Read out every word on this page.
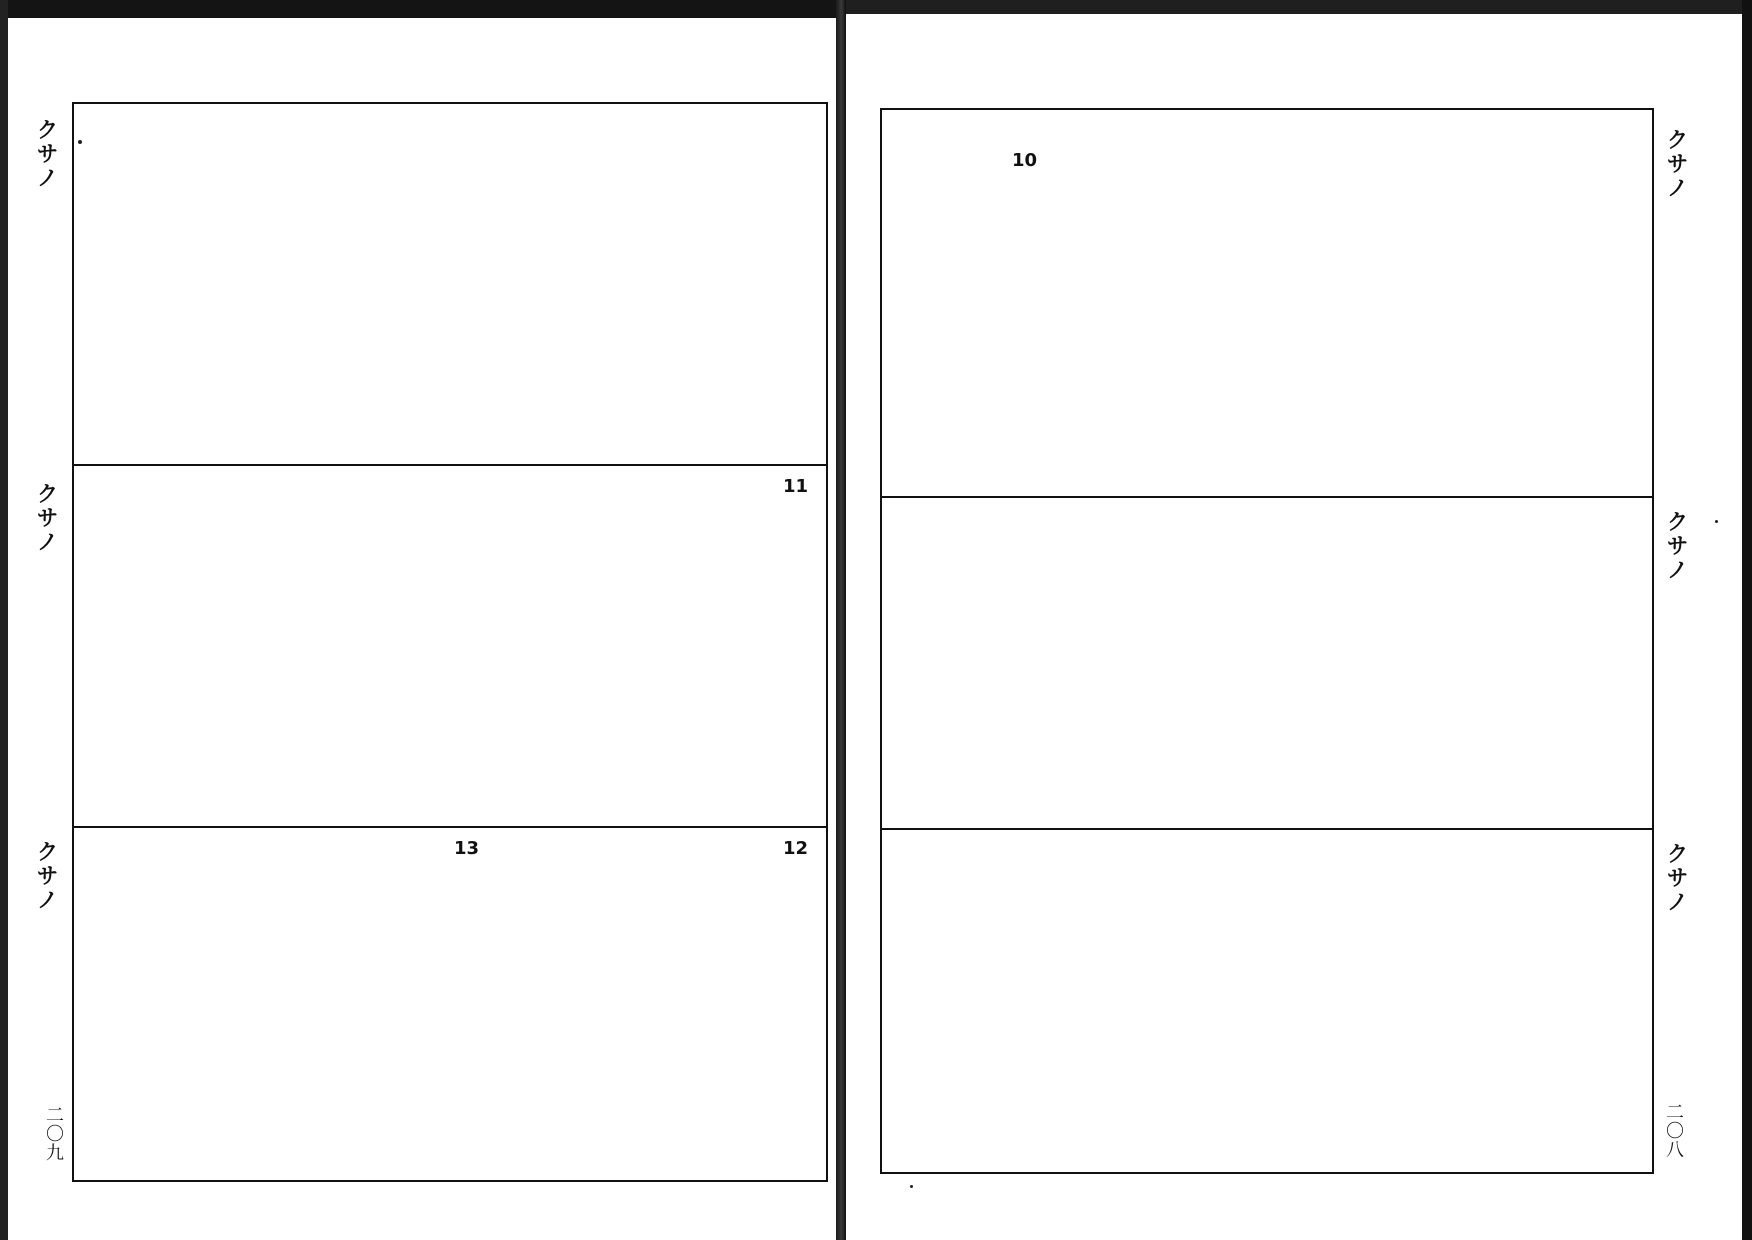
クサノ
クサノ
クサノ
二〇九
11
12
13
クサノ
クサノ
クサノ
二〇八
10
